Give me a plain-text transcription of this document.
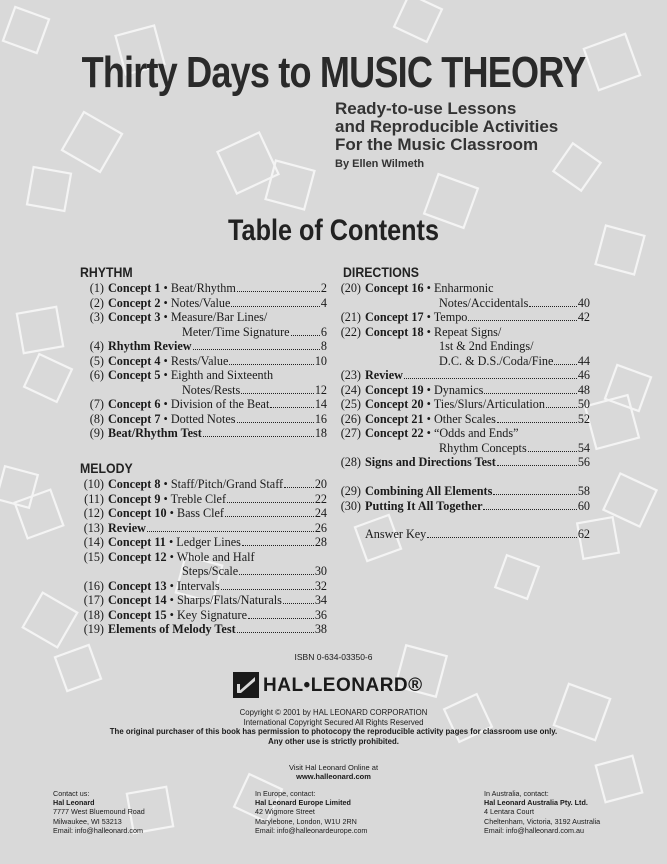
Thirty Days to MUSIC THEORY
Ready-to-use Lessons
and Reproducible Activities
For the Music Classroom
By Ellen Wilmeth
Table of Contents
RHYTHM
(1) Concept 1 • Beat/Rhythm	2
(2) Concept 2 • Notes/Value	4
(3) Concept 3 • Measure/Bar Lines/
Meter/Time Signature	6
(4) Rhythm Review	8
(5) Concept 4 • Rests/Value	10
(6) Concept 5 • Eighth and Sixteenth
Notes/Rests	12
(7) Concept 6 • Division of the Beat	14
(8) Concept 7 • Dotted Notes	16
(9) Beat/Rhythm Test	18
MELODY
(10) Concept 8 • Staff/Pitch/Grand Staff	20
(11) Concept 9 • Treble Clef	22
(12) Concept 10 • Bass Clef	24
(13) Review	26
(14) Concept 11 • Ledger Lines	28
(15) Concept 12 • Whole and Half
Steps/Scale	30
(16) Concept 13 • Intervals	32
(17) Concept 14 • Sharps/Flats/Naturals	34
(18) Concept 15 • Key Signature	36
(19) Elements of Melody Test	38
DIRECTIONS
(20) Concept 16 • Enharmonic
Notes/Accidentals	40
(21) Concept 17 • Tempo	42
(22) Concept 18 • Repeat Signs/
1st & 2nd Endings/
D.C. & D.S./Coda/Fine 44
(23) Review	46
(24) Concept 19 • Dynamics	48
(25) Concept 20 • Ties/Slurs/Articulation	50
(26) Concept 21 • Other Scales	52
(27) Concept 22 • “Odds and Ends”
Rhythm Concepts	54
(28) Signs and Directions Test	56
(29) Combining All Elements	58
(30) Putting It All Together	60
Answer Key	62
ISBN 0-634-03350-6
HAL•LEONARD®
Copyright © 2001 by HAL LEONARD CORPORATION
International Copyright Secured All Rights Reserved
The original purchaser of this book has permission to photocopy the reproducible activity pages for classroom use only.
Any other use is strictly prohibited.
Visit Hal Leonard Online at
www.halleonard.com
Contact us:
Hal Leonard
7777 West Bluemound Road
Milwaukee, WI 53213
Email: info@halleonard.com
In Europe, contact:
Hal Leonard Europe Limited
42 Wigmore Street
Marylebone, London, W1U 2RN
Email: info@halleonardeurope.com
In Australia, contact:
Hal Leonard Australia Pty. Ltd.
4 Lentara Court
Cheltenham, Victoria, 3192 Australia
Email: info@halleonard.com.au
